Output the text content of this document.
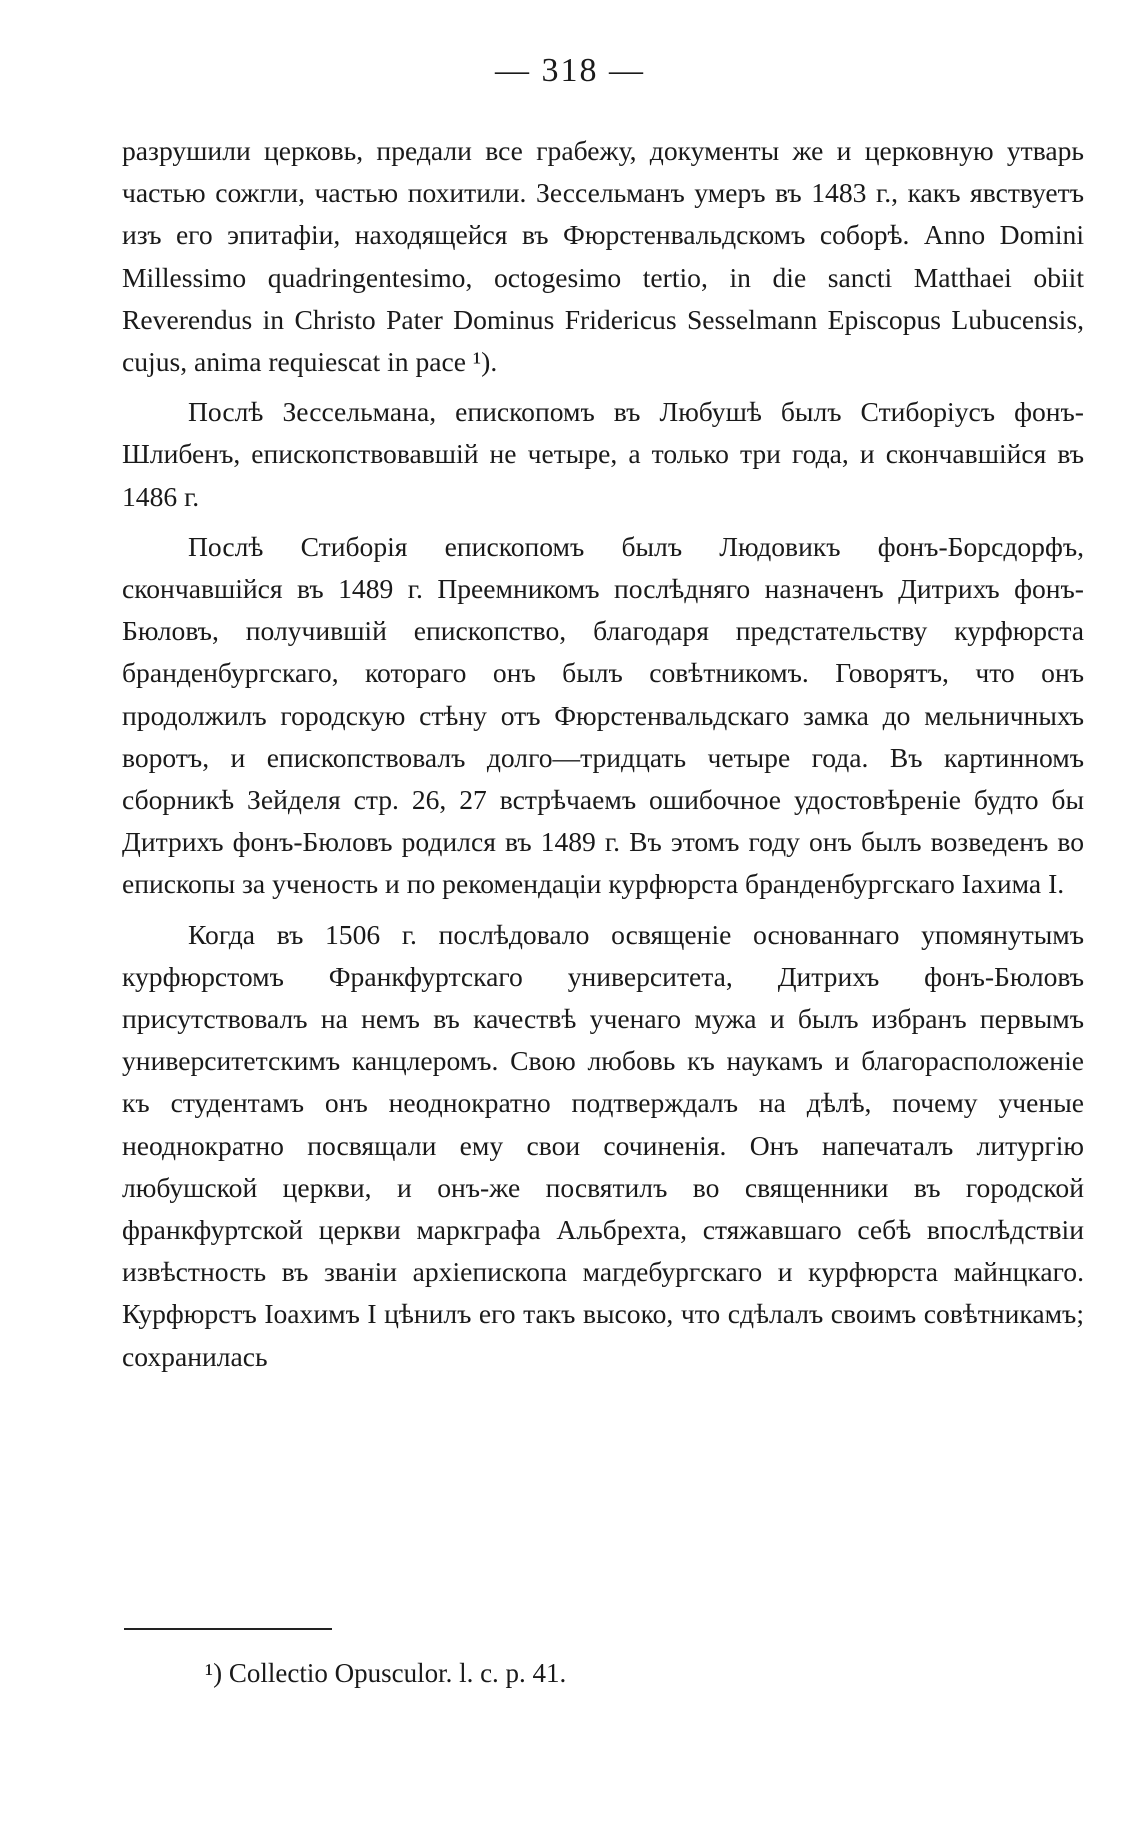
— 318 —

разрушили церковь, предали все грабежу, документы же и церковную утварь частью сожгли, частью похитили. Зессельманъ умеръ въ 1483 г., какъ явствуетъ изъ его эпитафіи, находящейся въ Фюрстенвальдскомъ соборѣ. Anno Domini Millessimo quadringentesimo, octogesimo tertio, in die sancti Matthaei obiit Reverendus in Christo Pater Dominus Fridericus Sesselmann Episcopus Lubucensis, cujus, anima requiescat in pace ¹).

Послѣ Зессельмана, епископомъ въ Любушѣ былъ Стиборіусъ фонъ-Шлибенъ, епископствовавшій не четыре, а только три года, и скончавшійся въ 1486 г.

Послѣ Стиборія епископомъ былъ Людовикъ фонъ-Борсдорфъ, скончавшійся въ 1489 г. Преемникомъ послѣдняго назначенъ Дитрихъ фонъ-Бюловъ, получившій епископство, благодаря предстательству курфюрста бранденбургскаго, котораго онъ былъ совѣтникомъ. Говорятъ, что онъ продолжилъ городскую стѣну отъ Фюрстенвальдскаго замка до мельничныхъ воротъ, и епископствовалъ долго—тридцать четыре года. Въ картинномъ сборникѣ Зейделя стр. 26, 27 встрѣчаемъ ошибочное удостовѣреніе будто бы Дитрихъ фонъ-Бюловъ родился въ 1489 г. Въ этомъ году онъ былъ возведенъ во епископы за ученость и по рекомендаціи курфюрста бранденбургскаго Іахима I.

Когда въ 1506 г. послѣдовало освященіе основаннаго упомянутымъ курфюрстомъ Франкфуртскаго университета, Дитрихъ фонъ-Бюловъ присутствовалъ на немъ въ качествѣ ученаго мужа и былъ избранъ первымъ университетскимъ канцлеромъ. Свою любовь къ наукамъ и благорасположеніе къ студентамъ онъ неоднократно подтверждалъ на дѣлѣ, почему ученые неоднократно посвящали ему свои сочиненія. Онъ напечаталъ литургію любушской церкви, и онъ-же посвятилъ во священники въ городской франкфуртской церкви маркграфа Альбрехта, стяжавшаго себѣ впослѣдствіи извѣстность въ званіи архіепископа магдебургскаго и курфюрста майнцкаго. Курфюрстъ Іоахимъ I цѣнилъ его такъ высоко, что сдѣлалъ своимъ совѣтникамъ; сохранилась

¹) Collectio Opusculor. l. c. p. 41.
